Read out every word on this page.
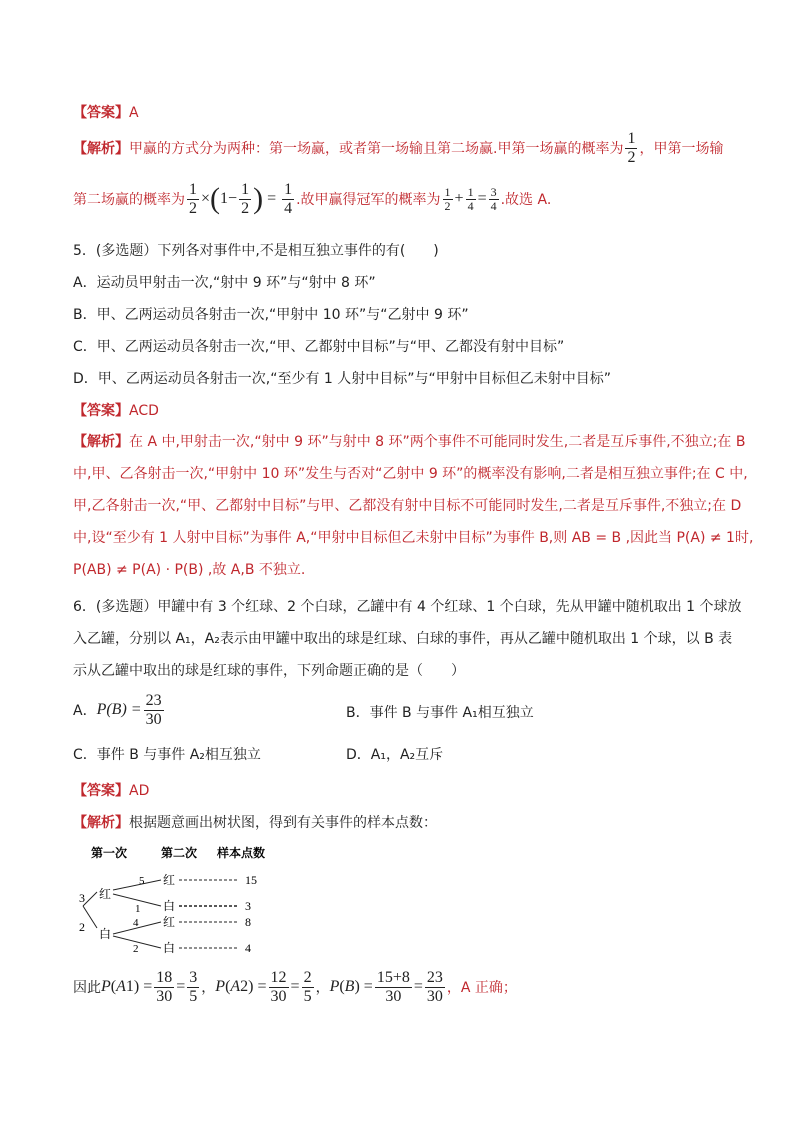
【答案】A
【解析】 甲赢的方式分为两种：第一场赢，或者第一场输且第二场赢.甲第一场赢的概率为 $\frac{1}{2}$ ，甲第一场输
第二场赢的概率为 $\frac{1}{2}$ × ( $1- \frac{1}{2}$ ) = $\frac{1}{4}$ .故甲赢得冠军的概率为 $\frac{1}{2} + \frac{1}{4} = \frac{3}{4}$ .故选 A.
5．(多选题）下列各对事件中,不是相互独立事件的有(　　)
A．运动员甲射击一次,“射中 9 环”与“射中 8 环”
B．甲、乙两运动员各射击一次,“甲射中 10 环”与“乙射中 9 环”
C．甲、乙两运动员各射击一次,“甲、乙都射中目标”与“甲、乙都没有射中目标”
D．甲、乙两运动员各射击一次,“至少有 1 人射中目标”与“甲射中目标但乙未射中目标”
【答案】ACD
【解析】在 A 中,甲射击一次,“射中 9 环”与射中 8 环”两个事件不可能同时发生,二者是互斥事件,不独立;在 B
中,甲、乙各射击一次,“甲射中 10 环”发生与否对“乙射中 9 环”的概率没有影响,二者是相互独立事件;在 C 中,
甲,乙各射击一次,“甲、乙都射中目标”与甲、乙都没有射中目标不可能同时发生,二者是互斥事件,不独立;在 D
中,设“至少有 1 人射中目标”为事件 A,“甲射中目标但乙未射中目标”为事件 B,则 AB = B ,因此当 P(A) ≠ 1时,
P(AB) ≠ P(A) · P(B) ,故 A,B 不独立.
6．(多选题）甲罐中有 3 个红球、2 个白球，乙罐中有 4 个红球、1 个白球，先从甲罐中随机取出 1 个球放
入乙罐，分别以 A₁，A₂表示由甲罐中取出的球是红球、白球的事件，再从乙罐中随机取出 1 个球，以 B 表
示从乙罐中取出的球是红球的事件，下列命题正确的是（　　）
A． $P(B) = \frac{23}{30}$	B．事件 B 与事件 A₁相互独立
C．事件 B 与事件 A₂相互独立	D．A₁，A₂互斥
【答案】AD
【解析】根据题意画出树状图，得到有关事件的样本点数：
第一次	第二次 样本点数
3
2
红
白
5
1
4
2
红
白
红
白
15
3
8
4
因此 P ( A 1 ) = $\frac{18}{30} = \frac{3}{5}$ ， P ( A 2 ) = $\frac{12}{30} = \frac{2}{5}$ ， P ( B ) = $\frac{15+8}{30} = \frac{23}{30}$ ，A 正确；
